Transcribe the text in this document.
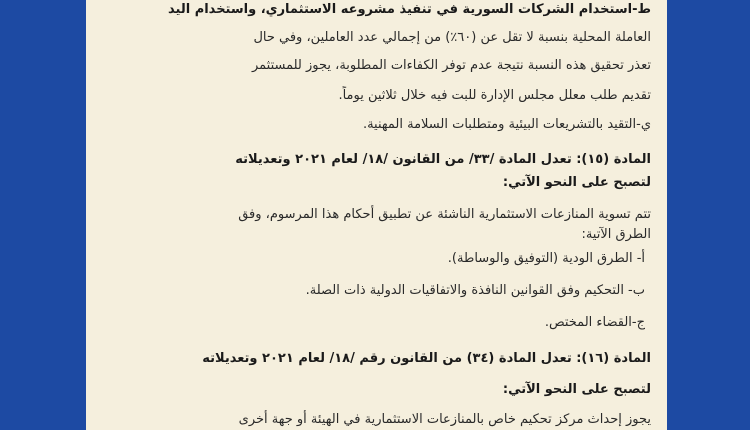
ط-استخدام الشركات السورية في تنفيذ مشروعه الاستثماري، واستخدام اليد
العاملة المحلية بنسبة لا تقل عن (٦٠٪) من إجمالي عدد العاملين، وفي حال
تعذر تحقيق هذه النسبة نتيجة عدم توفر الكفاءات المطلوبة، يجوز للمستثمر
تقديم طلب معلل مجلس الإدارة للبت فيه خلال ثلاثين يوماً.
ي-التقيد بالتشريعات البيئية ومتطلبات السلامة المهنية.
المادة (١٥): تعدل المادة /٣٣/ من القانون /١٨/ لعام ٢٠٢١ وتعديلاته
لتصبح على النحو الآتي:
تتم تسوية المنازعات الاستثمارية الناشئة عن تطبيق أحكام هذا المرسوم، وفق
الطرق الآتية:
أ- الطرق الودية (التوفيق والوساطة).
ب- التحكيم وفق القوانين النافذة والاتفاقيات الدولية ذات الصلة.
ج-القضاء المختص.
المادة (١٦): تعدل المادة (٣٤) من القانون رقم /١٨/ لعام ٢٠٢١ وتعديلاته
لتصبح على النحو الآتي:
يجوز إحداث مركز تحكيم خاص بالمنازعات الاستثمارية في الهيئة أو جهة أخرى
